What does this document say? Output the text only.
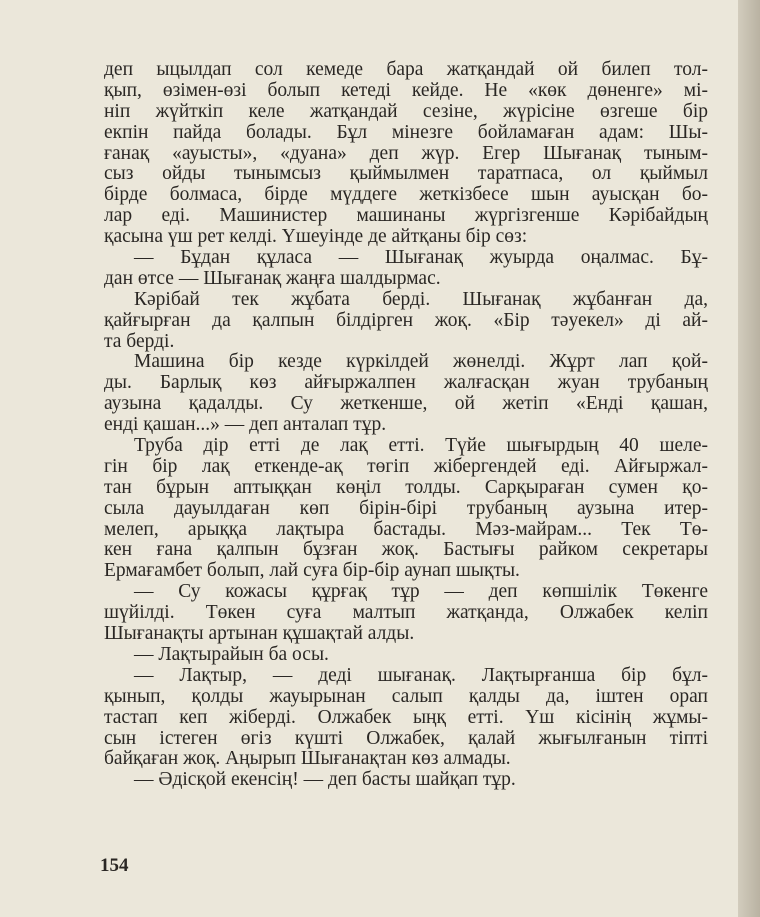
деп ыцылдап сол кемеде бара жатқандай ой билеп тол-
қып, өзімен-өзі болып кетеді кейде. Не «көк дөненге» мі-
ніп жүйткіп келе жатқандай сезіне, жүрісіне өзгеше бір
екпін пайда болады. Бұл мінезге бойламаған адам: Шы-
ғанақ «ауысты», «дуана» деп жүр. Егер Шығанақ тыным-
сыз ойды тынымсыз қыймылмен таратпаса, ол қыймыл
бірде болмаса, бірде мүддеге жеткізбесе шын ауысқан бо-
лар еді. Машинистер машинаны жүргізгенше Кәрібайдың
қасына үш рет келді. Үшеуінде де айтқаны бір сөз:
— Бұдан құласа — Шығанақ жуырда оңалмас. Бұ-
дан өтсе — Шығанақ жаңға шалдырмас.
Кәрібай тек жұбата берді. Шығанақ жұбанған да,
қайғырған да қалпын білдірген жоқ. «Бір тәуекел» ді ай-
та берді.
Машина бір кезде күркілдей жөнелді. Жұрт лап қой-
ды. Барлық көз айғыржалпен жалғасқан жуан трубаның
аузына қадалды. Су жеткенше, ой жетіп «Енді қашан,
енді қашан...» — деп анталап тұр.
Труба дір етті де лақ етті. Түйе шығырдың 40 шелe-
гін бір лақ еткенде-ақ төгіп жібергендей еді. Айғыржал-
тан бұрын аптыққан көңіл толды. Сарқыраған сумен қо-
сыла дауылдаған көп бірін-бірі трубаның аузына итер-
мелеп, арыққа лақтыра бастады. Мәз-майрам... Тек Тө-
кен ғана қалпын бұзған жоқ. Бастығы райком секретары
Ермағамбет болып, лай суға бір-бір аунап шықты.
— Су кожасы құрғақ тұр — деп көпшілік Төкенге
шүйілді. Төкен суға малтып жатқанда, Олжабек келіп
Шығанақты артынан құшақтай алды.
— Лақтырайын ба осы.
— Лақтыр, — деді шығанақ. Лақтырғанша бір бұл-
қынып, қолды жауырынан салып қалды да, іштен орап
тастап кеп жіберді. Олжабек ыңқ етті. Үш кісінің жұмы-
сын істеген өгіз күшті Олжабек, қалай жығылғанын тіпті
байқаған жоқ. Аңырып Шығанақтан көз алмады.
— Әдісқой екенсің! — деп басты шайқап тұр.
154
